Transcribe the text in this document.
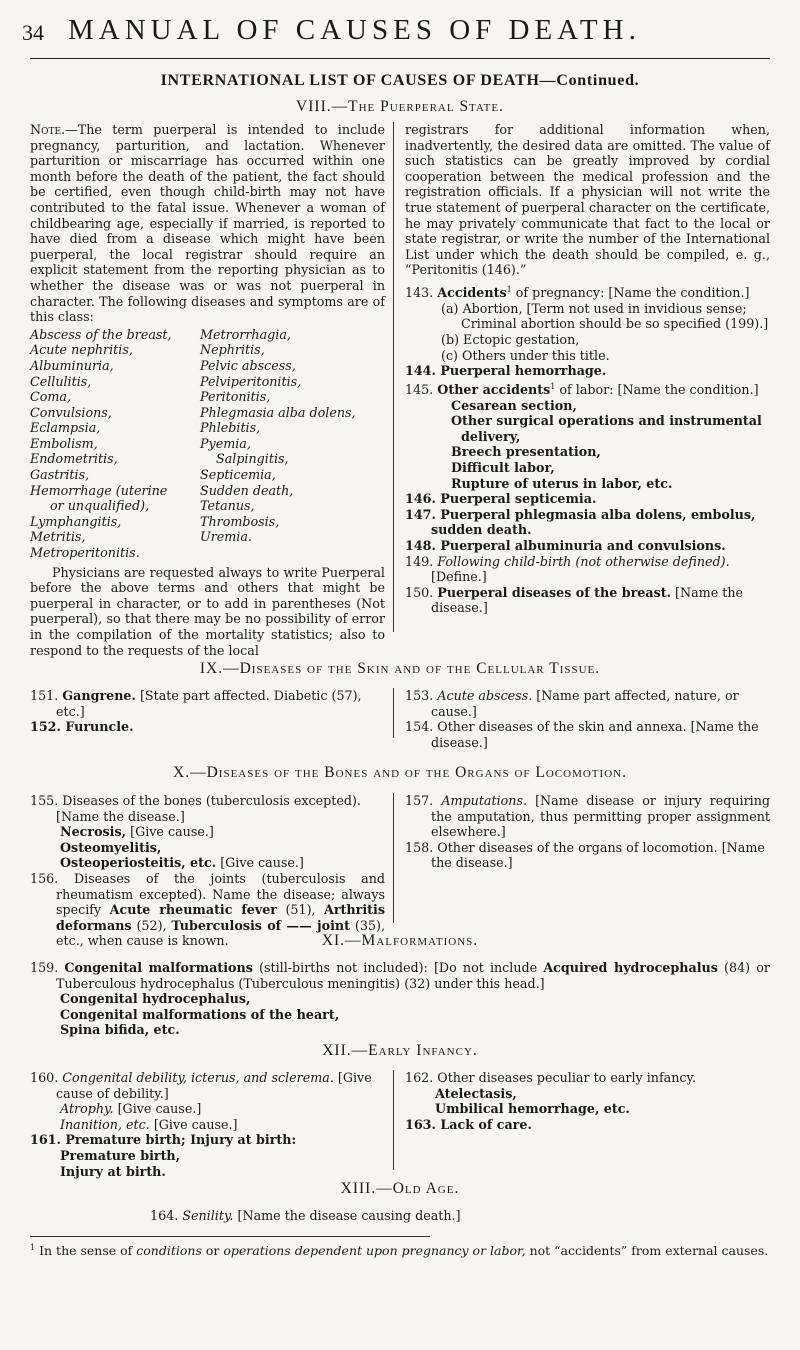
34 MANUAL OF CAUSES OF DEATH.
INTERNATIONAL LIST OF CAUSES OF DEATH—Continued.
VIII.—The Puerperal State.

Note.—The term puerperal is intended to include pregnancy, parturition, and lactation. Whenever parturition or miscarriage has occurred within one month before the death of the patient, the fact should be certified, even though child-birth may not have contributed to the fatal issue. Whenever a woman of childbearing age, especially if married, is reported to have died from a disease which might have been puerperal, the local registrar should require an explicit statement from the reporting physician as to whether the disease was or was not puerperal in character. The following diseases and symptoms are of this class:

Abscess of the breast,	Metrorrhagia,
Acute nephritis,	Nephritis,
Albuminuria,	Pelvic abscess,
Cellulitis,	Pelviperitonitis,
Coma,	Peritonitis,
Convulsions,	Phlegmasia alba dolens,
Eclampsia,	Phlebitis,
Embolism,	Pyemia,
Endometritis,	Salpingitis,
Gastritis,	Septicemia,
Hemorrhage (uterine	Sudden death,
or unqualified),	Tetanus,
Lymphangitis,	Thrombosis,
Metritis,	Uremia.
Metroperitonitis.	

Physicians are requested always to write Puerperal before the above terms and others that might be puerperal in character, or to add in parentheses (Not puerperal), so that there may be no possibility of error in the compilation of the mortality statistics; also to respond to the requests of the local

registrars for additional information when, inadvertently, the desired data are omitted. The value of such statistics can be greatly improved by cordial cooperation between the medical profession and the registration officials. If a physician will not write the true statement of puerperal character on the certificate, he may privately communicate that fact to the local or state registrar, or write the number of the International List under which the death should be compiled, e. g., “Peritonitis (146).”

143. Accidents$^1$ of pregnancy: [Name the condition.]

(a) Abortion, [Term not used in invidious sense; Criminal abortion should be so specified (199).]

(b) Ectopic gestation,

(c) Others under this title.

144. Puerperal hemorrhage.

145. Other accidents$^1$ of labor: [Name the condition.]

Cesarean section,

Other surgical operations and instrumental delivery,

Breech presentation,

Difficult labor,

Rupture of uterus in labor, etc.

146. Puerperal septicemia.

147. Puerperal phlegmasia alba dolens, embolus, sudden death.

148. Puerperal albuminuria and convulsions.

149. Following child-birth (not otherwise defined). [Define.]

150. Puerperal diseases of the breast. [Name the disease.]

IX.—Diseases of the Skin and of the Cellular Tissue.

151. Gangrene. [State part affected. Diabetic (57), etc.]

152. Furuncle.

153. Acute abscess. [Name part affected, nature, or cause.]

154. Other diseases of the skin and annexa. [Name the disease.]

X.—Diseases of the Bones and of the Organs of Locomotion.

155. Diseases of the bones (tuberculosis excepted). [Name the disease.]

Necrosis, [Give cause.]

Osteomyelitis,

Osteoperiosteitis, etc. [Give cause.]

156. Diseases of the joints (tuberculosis and rheumatism excepted). Name the disease; always specify Acute rheumatic fever (51), Arthritis deformans (52), Tuberculosis of —— joint (35), etc., when cause is known.

157. Amputations. [Name disease or injury requiring the amputation, thus permitting proper assignment elsewhere.]

158. Other diseases of the organs of locomotion. [Name the disease.]

XI.—Malformations.

159. Congenital malformations (still-births not included): [Do not include Acquired hydrocephalus (84) or Tuberculous hydrocephalus (Tuberculous meningitis) (32) under this head.]

Congenital hydrocephalus,

Congenital malformations of the heart,

Spina bifida, etc.

XII.—Early Infancy.

160. Congenital debility, icterus, and sclerema. [Give cause of debility.]

Atrophy. [Give cause.]

Inanition, etc. [Give cause.]

161. Premature birth; Injury at birth:

Premature birth,

Injury at birth.

162. Other diseases peculiar to early infancy.

Atelectasis,

Umbilical hemorrhage, etc.

163. Lack of care.

XIII.—Old Age.

164. Senility. [Name the disease causing death.]

$^1$ In the sense of conditions or operations dependent upon pregnancy or labor, not “accidents” from external causes.
